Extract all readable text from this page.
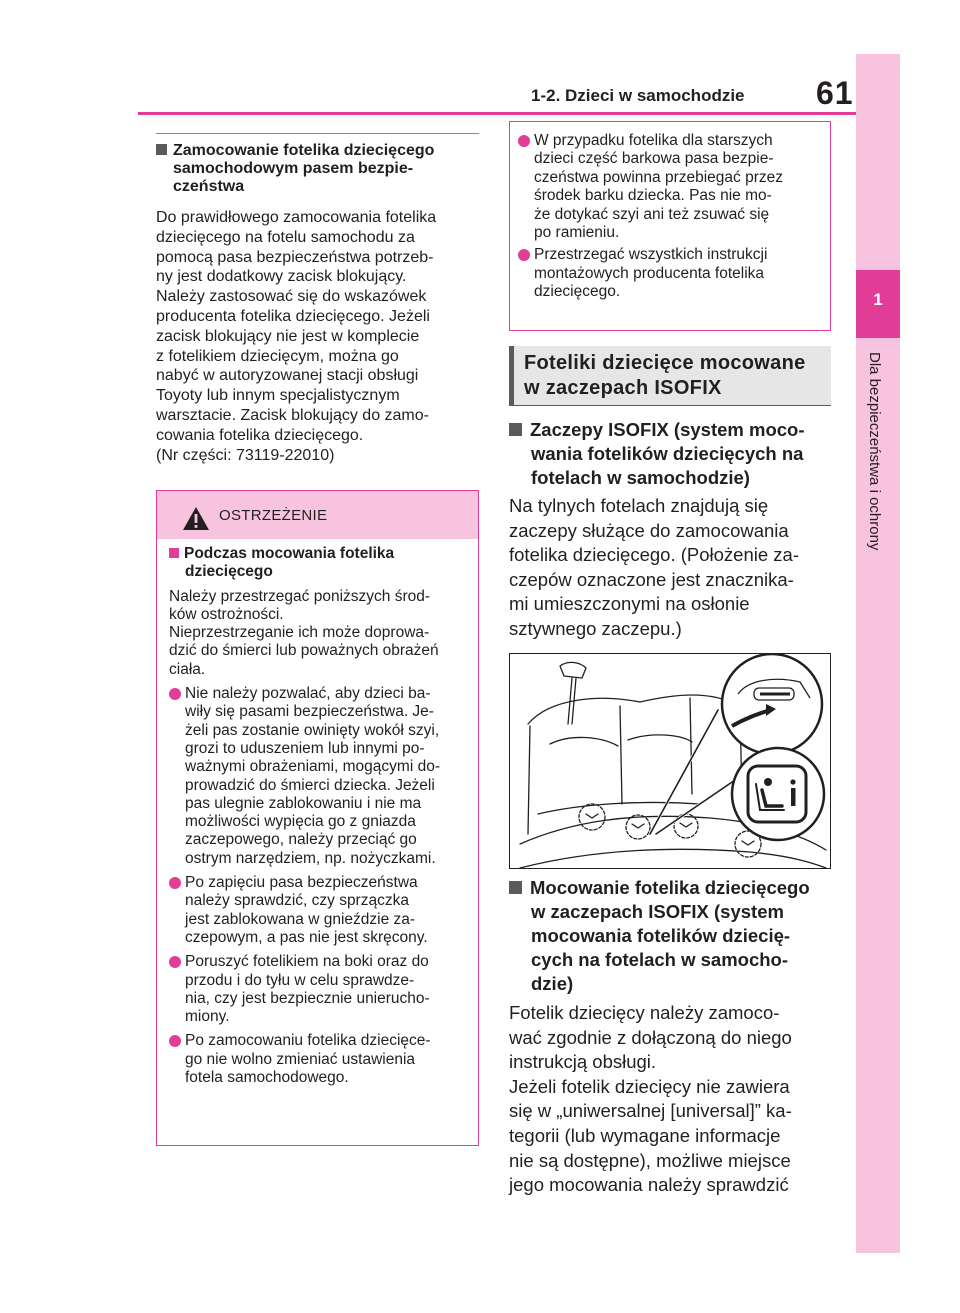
1-2. Dzieci w samochodzie 61
1
Dla bezpieczeństwa i ochrony
Zamocowanie fotelika dziecięcego samochodowym pasem bezpie-czeństwa
Do prawidłowego zamocowania fotelika
dziecięcego na fotelu samochodu za
pomocą pasa bezpieczeństwa potrzeb-
ny jest dodatkowy zacisk blokujący.
Należy zastosować się do wskazówek
producenta fotelika dziecięcego. Jeżeli
zacisk blokujący nie jest w komplecie
z fotelikiem dziecięcym, można go
nabyć w autoryzowanej stacji obsługi
Toyoty lub innym specjalistycznym
warsztacie. Zacisk blokujący do zamo-
cowania fotelika dziecięcego.
(Nr części: 73119-22010)
OSTRZEŻENIE
Podczas mocowania fotelika dziecięcego
Należy przestrzegać poniższych środ-
ków ostrożności.
Nieprzestrzeganie ich może doprowa-
dzić do śmierci lub poważnych obrażeń
ciała.
Nie należy pozwalać, aby dzieci ba-
wiły się pasami bezpieczeństwa. Je-
żeli pas zostanie owinięty wokół szyi,
grozi to uduszeniem lub innymi po-
ważnymi obrażeniami, mogącymi do-
prowadzić do śmierci dziecka. Jeżeli
pas ulegnie zablokowaniu i nie ma
możliwości wypięcia go z gniazda
zaczepowego, należy przeciąć go
ostrym narzędziem, np. nożyczkami.
Po zapięciu pasa bezpieczeństwa
należy sprawdzić, czy sprzączka
jest zablokowana w gnieździe za-
czepowym, a pas nie jest skręcony.
Poruszyć fotelikiem na boki oraz do
przodu i do tyłu w celu sprawdze-
nia, czy jest bezpiecznie unierucho-
miony.
Po zamocowaniu fotelika dziecięce-
go nie wolno zmieniać ustawienia
fotela samochodowego.
W przypadku fotelika dla starszych
dzieci część barkowa pasa bezpie-
czeństwa powinna przebiegać przez
środek barku dziecka. Pas nie mo-
że dotykać szyi ani też zsuwać się
po ramieniu.
Przestrzegać wszystkich instrukcji
montażowych producenta fotelika
dziecięcego.
Foteliki dziecięce mocowane
w zaczepach ISOFIX
Zaczepy ISOFIX (system moco-
wania fotelików dziecięcych na
fotelach w samochodzie)
Na tylnych fotelach znajdują się
zaczepy służące do zamocowania
fotelika dziecięcego. (Położenie za-
czepów oznaczone jest znacznika-
mi umieszczonymi na osłonie
sztywnego zaczepu.)
Mocowanie fotelika dziecięcego
w zaczepach ISOFIX (system
mocowania fotelików dziecię-
cych na fotelach w samocho-
dzie)
Fotelik dziecięcy należy zamoco-
wać zgodnie z dołączoną do niego
instrukcją obsługi.
Jeżeli fotelik dziecięcy nie zawiera
się w „uniwersalnej [universal]” ka-
tegorii (lub wymagane informacje
nie są dostępne), możliwe miejsce
jego mocowania należy sprawdzić
